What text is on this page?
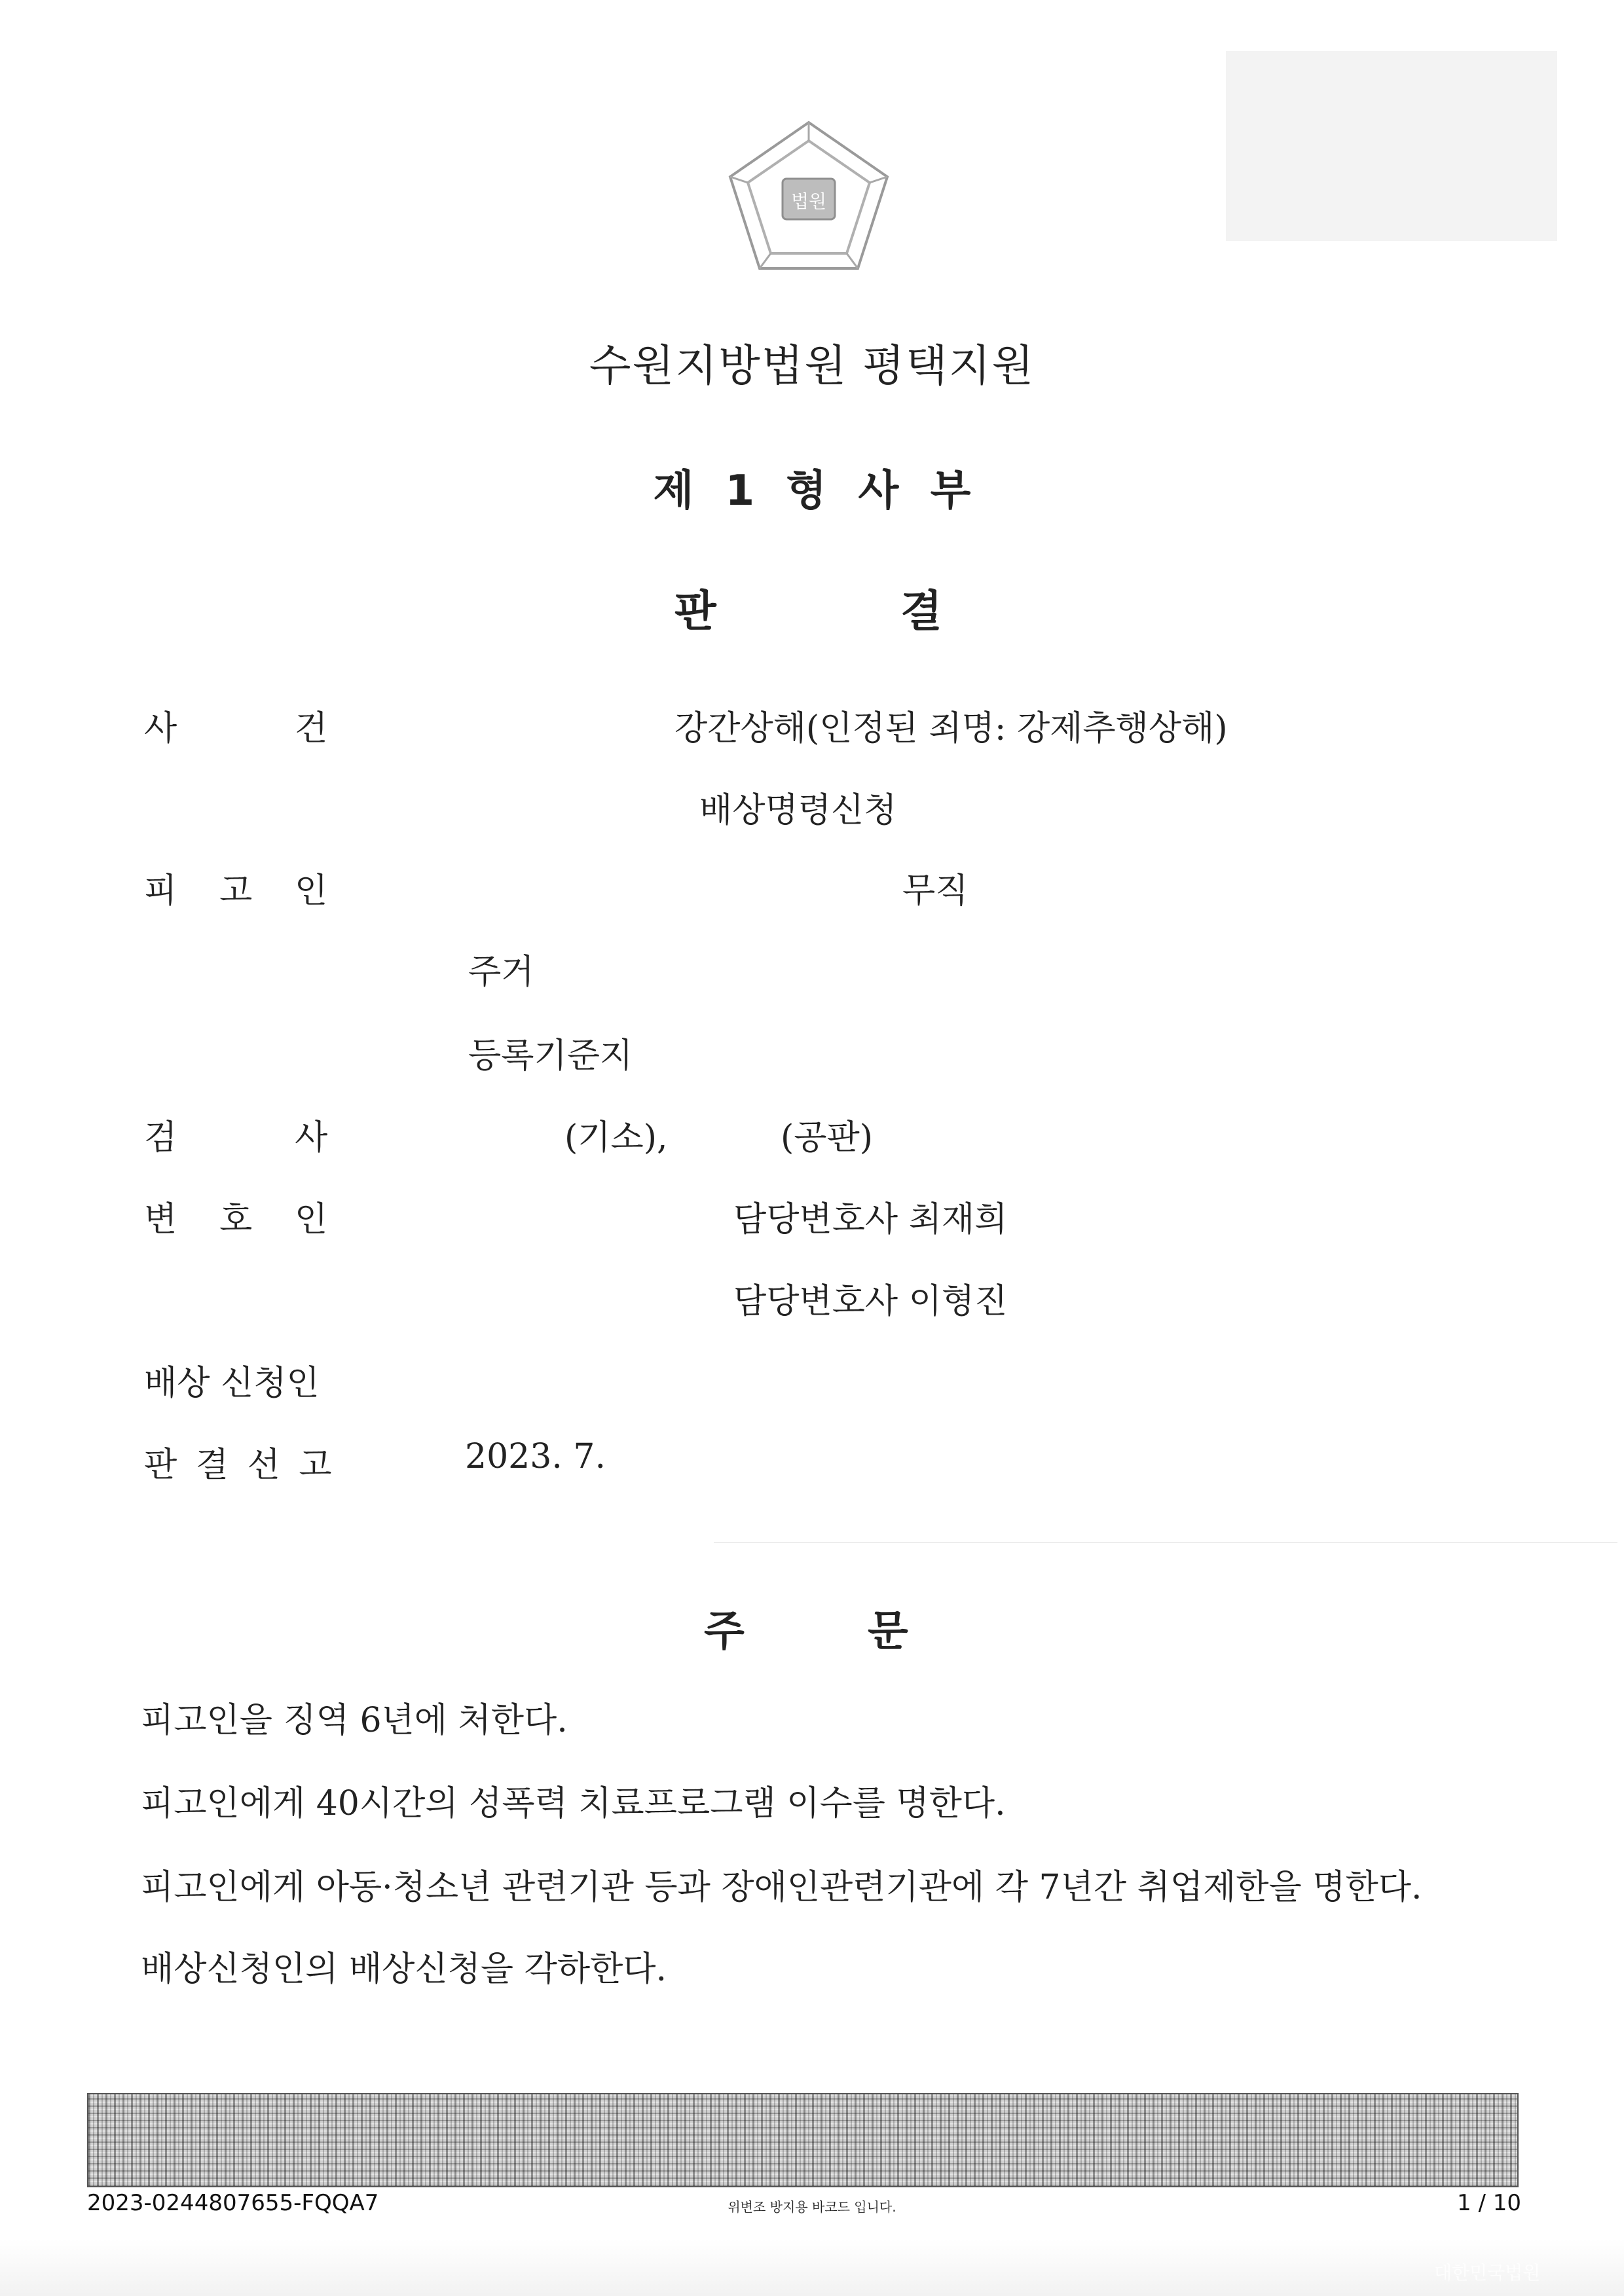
법원
수원지방법원 평택지원
제 1 형 사 부
판	결
사	건	강간상해(인정된 죄명: 강제추행상해)
배상명령신청
피 고 인	무직
주거
등록기준지
검	사	(기소),	(공판)
변 호 인	담당변호사 최재희
담당변호사 이형진
배상 신청인
판 결 선 고	2023. 7.
주	문
피고인을 징역 6년에 처한다.
피고인에게 40시간의 성폭력 치료프로그램 이수를 명한다.
피고인에게 아동·청소년 관련기관 등과 장애인관련기관에 각 7년간 취업제한을 명한다.
배상신청인의 배상신청을 각하한다.
2023-0244807655-FQQA7	위변조 방지용 바코드 입니다.	1 / 10
대한민국법원
